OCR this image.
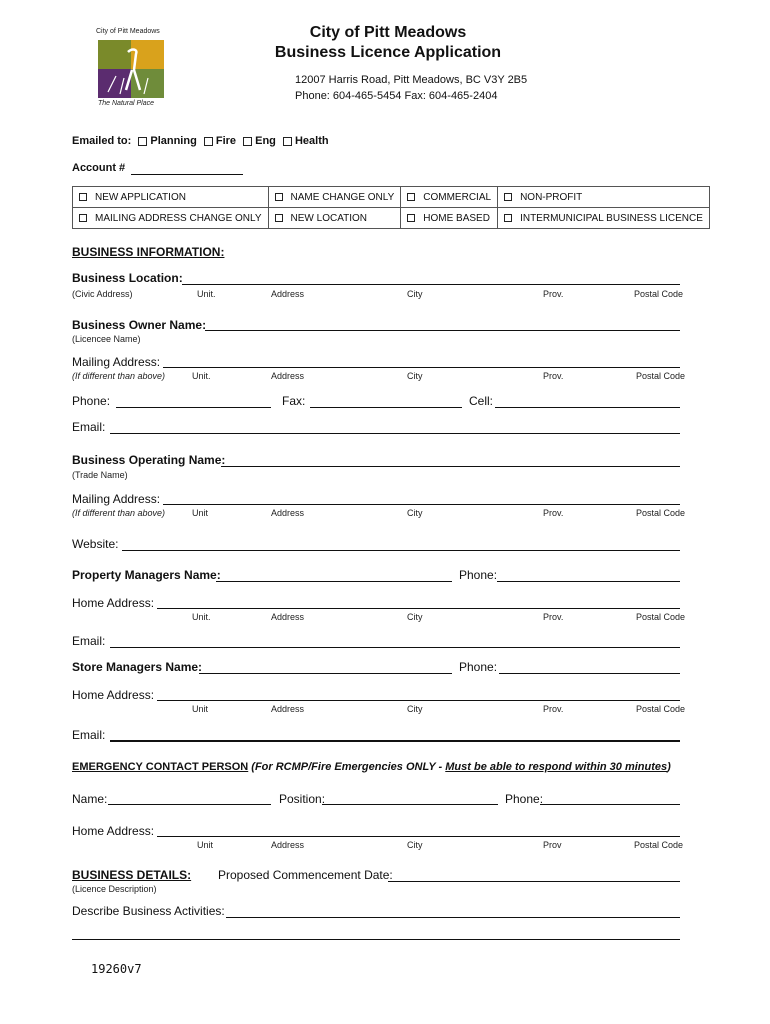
City of Pitt Meadows
The Natural Place
City of Pitt Meadows
Business Licence Application
12007 Harris Road, Pitt Meadows, BC V3Y 2B5
Phone: 604-465-5454 Fax: 604-465-2404
Emailed to: Planning Fire Eng Health
Account #
NEW APPLICATION	NAME CHANGE ONLY	COMMERCIAL	NON-PROFIT
MAILING ADDRESS CHANGE ONLY	NEW LOCATION	HOME BASED	INTERMUNICIPAL BUSINESS LICENCE
BUSINESS INFORMATION:
Business Location:
(Civic Address)	Unit.	Address	City	Prov.	Postal Code
Business Owner Name:
(Licencee Name)
Mailing Address:
(If different than above)	Unit.	Address	City	Prov.	Postal Code
Phone:	Fax:	Cell:
Email:
Business Operating Name:
(Trade Name)
Mailing Address:
(If different than above)	Unit	Address	City	Prov.	Postal Code
Website:
Property Managers Name:	Phone:
Home Address:
Unit.	Address	City	Prov.	Postal Code
Email:
Store Managers Name:	Phone:
Home Address:
Unit	Address	City	Prov.	Postal Code
Email:
EMERGENCY CONTACT PERSON (For RCMP/Fire Emergencies ONLY - Must be able to respond within 30 minutes)
Name:	Position:	Phone:
Home Address:
Unit	Address	City	Prov	Postal Code
BUSINESS DETAILS:
(Licence Description)
Proposed Commencement Date:
Describe Business Activities:
19260v7
